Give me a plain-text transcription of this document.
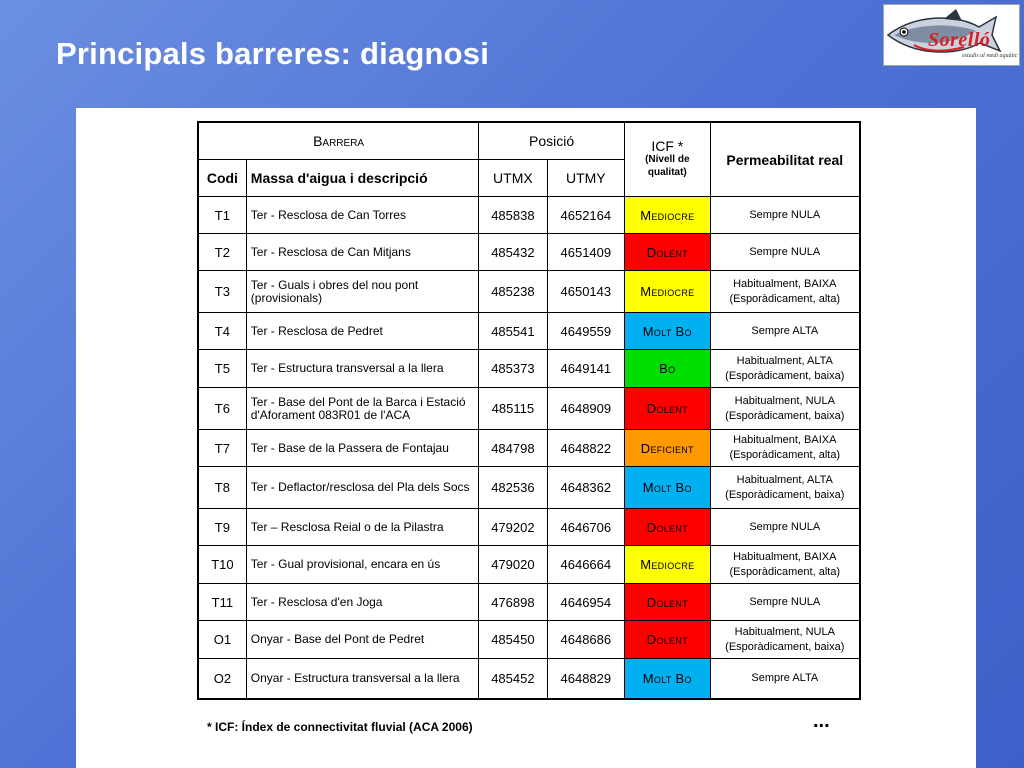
Principals barreres: diagnosi	Sorelló
estudis al medi aquàtic
Barrera		Posició		ICF *
(Nivell de qualitat)	Permeabilitat real
Codi	Massa d'aigua i descripció	UTMX	UTMY		
T1	Ter - Resclosa de Can Torres	485838	4652164	Mediocre	Sempre NULA

T2	Ter - Resclosa de Can Mitjans	485432	4651409	Dolent	Sempre NULA

T3	Ter - Guals i obres del nou pont (provisionals)	485238	4650143	Mediocre	Habitualment, BAIXA
(Esporàdicament, alta)

T4	Ter - Resclosa de Pedret	485541	4649559	Molt Bo	Sempre ALTA

T5	Ter - Estructura transversal a la llera	485373	4649141	Bo	Habitualment, ALTA
(Esporàdicament, baixa)

T6	Ter - Base del Pont de la Barca i Estació d'Aforament 083R01 de l'ACA	485115	4648909	Dolent	Habitualment, NULA
(Esporàdicament, baixa)

T7	Ter - Base de la Passera de Fontajau	484798	4648822	Deficient	Habitualment, BAIXA
(Esporàdicament, alta)

T8	Ter - Deflactor/resclosa del Pla dels Socs	482536	4648362	Molt Bo	Habitualment, ALTA
(Esporàdicament, baixa)

T9	Ter – Resclosa Reial o de la Pilastra	479202	4646706	Dolent	Sempre NULA

T10	Ter - Gual provisional, encara en ús	479020	4646664	Mediocre	Habitualment, BAIXA
(Esporàdicament, alta)

T11	Ter - Resclosa d'en Joga	476898	4646954	Dolent	Sempre NULA

O1	Onyar - Base del Pont de Pedret	485450	4648686	Dolent	Habitualment, NULA
(Esporàdicament, baixa)

O2	Onyar - Estructura transversal a la llera	485452	4648829	Molt Bo	Sempre ALTA
* ICF: Índex de connectivitat fluvial (ACA 2006)	...
